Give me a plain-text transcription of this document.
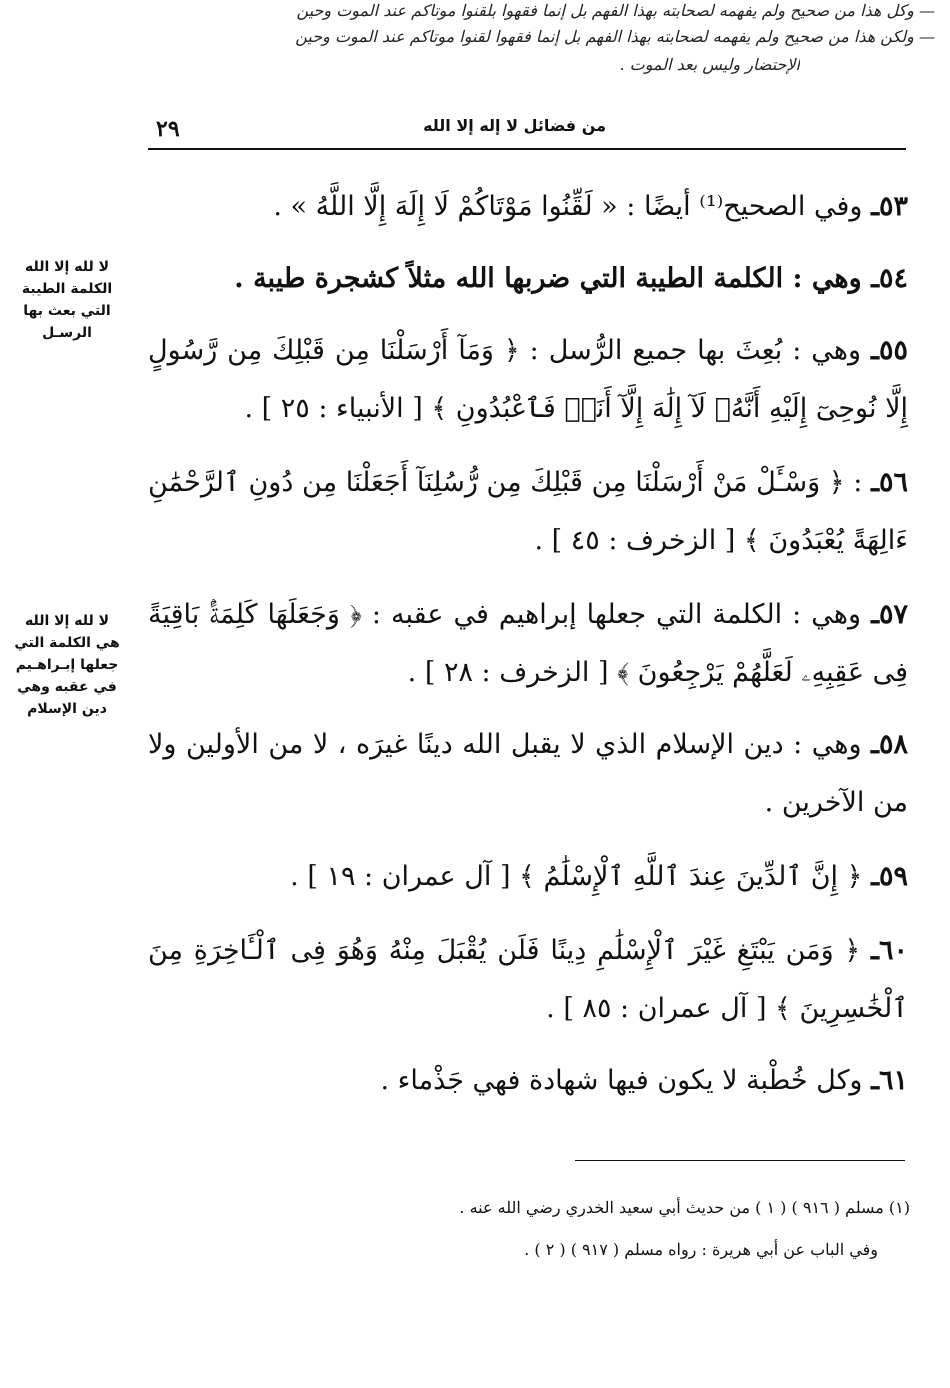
— وكل هذا من صحيح ولم يفهمه لصحابته بهذا الفهم بل إنما فقهوا بلقنوا موتاكم عند الموت وحين
— ولكن هذا من صحيح ولم يفهمه لصحابته بهذا الفهم بل إنما فقهوا لقنوا موتاكم عند الموت وحين
الإحتضار وليس بعد الموت .
٢٩	من فضائل لا إله إلا الله
٥٣ـ وفي الصحيح⁽¹⁾ أيضًا : « لَقِّنُوا مَوْتَاكُمْ لَا إِلَهَ إِلَّا اللَّهُ » .
٥٤ـ وهي : الكلمة الطيبة التي ضربها الله مثلاً كشجرة طيبة .
٥٥ـ وهي : بُعِثَ بها جميع الرُّسل : ﴿ وَمَآ أَرْسَلْنَا مِن قَبْلِكَ مِن رَّسُولٍ إِلَّا نُوحِىٓ إِلَيْهِ أَنَّهُۥ لَآ إِلَٰهَ إِلَّآ أَنَا۠ فَٱعْبُدُونِ ﴾ [ الأنبياء : ٢٥ ] .
٥٦ـ : ﴿ وَسْـَٔلْ مَنْ أَرْسَلْنَا مِن قَبْلِكَ مِن رُّسُلِنَآ أَجَعَلْنَا مِن دُونِ ٱلرَّحْمَٰنِ ءَالِهَةً يُعْبَدُونَ ﴾ [ الزخرف : ٤٥ ] .
٥٧ـ وهي : الكلمة التي جعلها إبراهيم في عقبه : ﴿ وَجَعَلَهَا كَلِمَةًۢ بَاقِيَةً فِى عَقِبِهِۦ لَعَلَّهُمْ يَرْجِعُونَ ﴾ [ الزخرف : ٢٨ ] .
٥٨ـ وهي : دين الإسلام الذي لا يقبل الله دينًا غيرَه ، لا من الأولين ولا من الآخرين .
٥٩ـ ﴿ إِنَّ ٱلدِّينَ عِندَ ٱللَّهِ ٱلْإِسْلَٰمُ ﴾ [ آل عمران : ١٩ ] .
٦٠ـ ﴿ وَمَن يَبْتَغِ غَيْرَ ٱلْإِسْلَٰمِ دِينًا فَلَن يُقْبَلَ مِنْهُ وَهُوَ فِى ٱلْـَٔاخِرَةِ مِنَ ٱلْخَٰسِرِينَ ﴾ [ آل عمران : ٨٥ ] .
٦١ـ وكل خُطْبة لا يكون فيها شهادة فهي جَذْماء .
لا لله إلا الله الكلمة الطيبة التي بعث بها الرسـل
لا لله إلا الله هي الكلمة التي جعلها إبـراهـيم في عقبه وهي دين الإسلام
(١) مسلم ( ٩١٦ ) ( ١ ) من حديث أبي سعيد الخدري رضي الله عنه .
وفي الباب عن أبي هريرة : رواه مسلم ( ٩١٧ ) ( ٢ ) .
